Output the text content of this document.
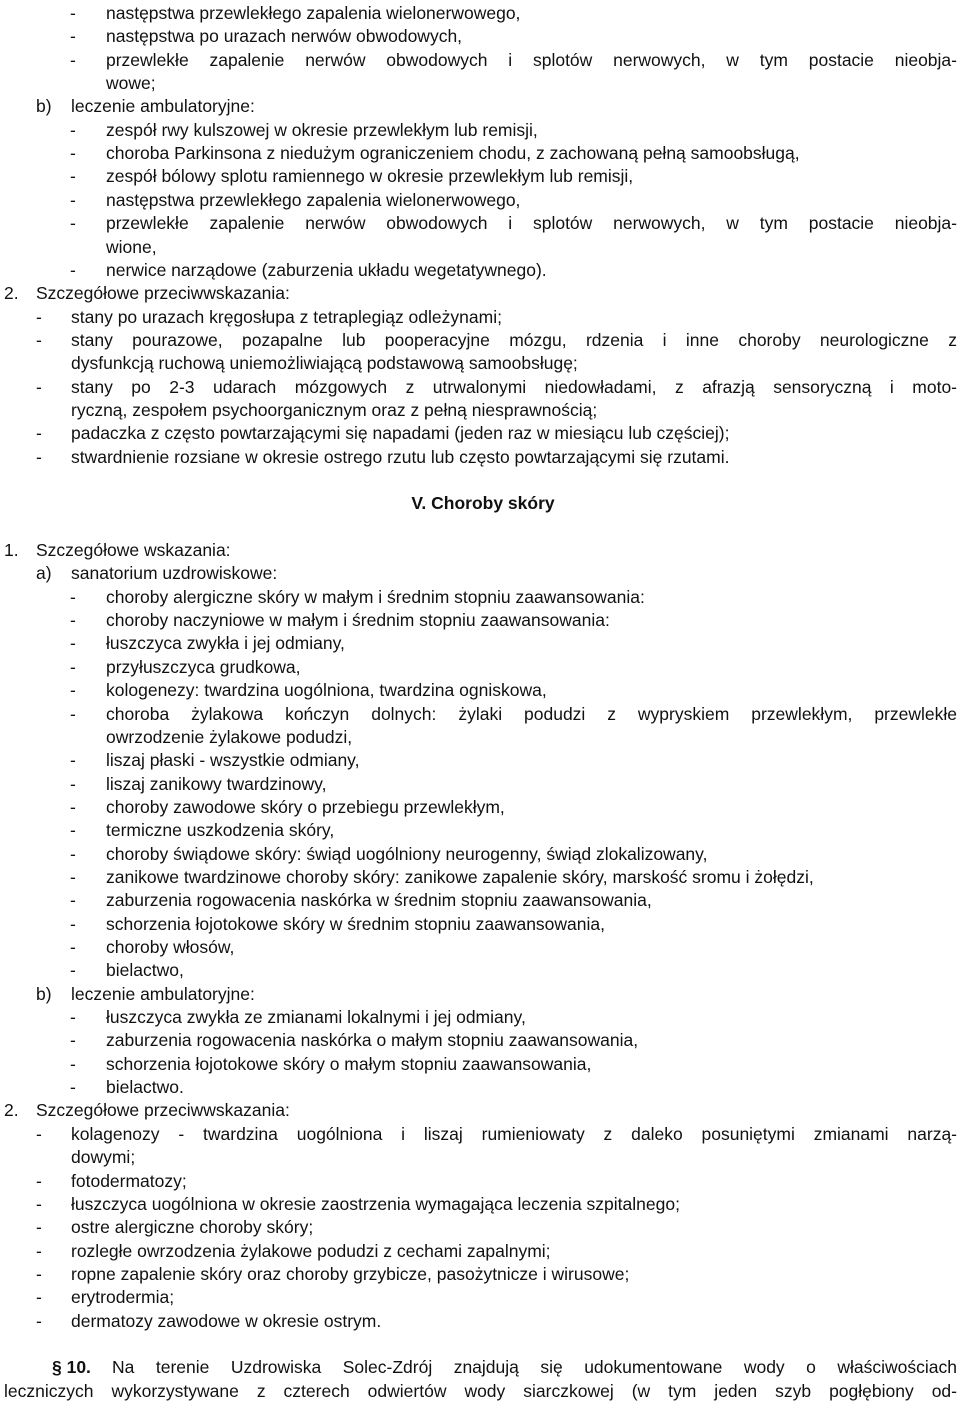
- następstwa przewlekłego zapalenia wielonerwowego,
- następstwa po urazach nerwów obwodowych,
- przewlekłe zapalenie nerwów obwodowych i splotów nerwowych, w tym postacie nieobja-
wowe;
b) leczenie ambulatoryjne:
- zespół rwy kulszowej w okresie przewlekłym lub remisji,
- choroba Parkinsona z niedużym ograniczeniem chodu, z zachowaną pełną samoobsługą,
- zespół bólowy splotu ramiennego w okresie przewlekłym lub remisji,
- następstwa przewlekłego zapalenia wielonerwowego,
- przewlekłe zapalenie nerwów obwodowych i splotów nerwowych, w tym postacie nieobja-
wione,
- nerwice narządowe (zaburzenia układu wegetatywnego).
2. Szczegółowe przeciwwskazania:
- stany po urazach kręgosłupa z tetraplegiąz odleżynami;
- stany pourazowe, pozapalne lub pooperacyjne mózgu, rdzenia i inne choroby neurologiczne z
dysfunkcją ruchową uniemożliwiającą podstawową samoobsługę;
- stany po 2-3 udarach mózgowych z utrwalonymi niedowładami, z afrazją sensoryczną i moto-
ryczną, zespołem psychoorganicznym oraz z pełną niesprawnością;
- padaczka z często powtarzającymi się napadami (jeden raz w miesiącu lub częściej);
- stwardnienie rozsiane w okresie ostrego rzutu lub często powtarzającymi się rzutami.
V. Choroby skóry
1. Szczegółowe wskazania:
a) sanatorium uzdrowiskowe:
- choroby alergiczne skóry w małym i średnim stopniu zaawansowania:
- choroby naczyniowe w małym i średnim stopniu zaawansowania:
- łuszczyca zwykła i jej odmiany,
- przyłuszczyca grudkowa,
- kologenezy: twardzina uogólniona, twardzina ogniskowa,
- choroba żylakowa kończyn dolnych: żylaki podudzi z wypryskiem przewlekłym, przewlekłe
owrzodzenie żylakowe podudzi,
- liszaj płaski - wszystkie odmiany,
- liszaj zanikowy twardzinowy,
- choroby zawodowe skóry o przebiegu przewlekłym,
- termiczne uszkodzenia skóry,
- choroby świądowe skóry: świąd uogólniony neurogenny, świąd zlokalizowany,
- zanikowe twardzinowe choroby skóry: zanikowe zapalenie skóry, marskość sromu i żołędzi,
- zaburzenia rogowacenia naskórka w średnim stopniu zaawansowania,
- schorzenia łojotokowe skóry w średnim stopniu zaawansowania,
- choroby włosów,
- bielactwo,
b) leczenie ambulatoryjne:
- łuszczyca zwykła ze zmianami lokalnymi i jej odmiany,
- zaburzenia rogowacenia naskórka o małym stopniu zaawansowania,
- schorzenia łojotokowe skóry o małym stopniu zaawansowania,
- bielactwo.
2. Szczegółowe przeciwwskazania:
- kolagenozy - twardzina uogólniona i liszaj rumieniowaty z daleko posuniętymi zmianami narzą-
dowymi;
- fotodermatozy;
- łuszczyca uogólniona w okresie zaostrzenia wymagająca leczenia szpitalnego;
- ostre alergiczne choroby skóry;
- rozległe owrzodzenia żylakowe podudzi z cechami zapalnymi;
- ropne zapalenie skóry oraz choroby grzybicze, pasożytnicze i wirusowe;
- erytrodermia;
- dermatozy zawodowe w okresie ostrym.
§ 10. Na terenie Uzdrowiska Solec-Zdrój znajdują się udokumentowane wody o właściwościach
leczniczych wykorzystywane z czterech odwiertów wody siarczkowej (w tym jeden szyb pogłębiony od-
